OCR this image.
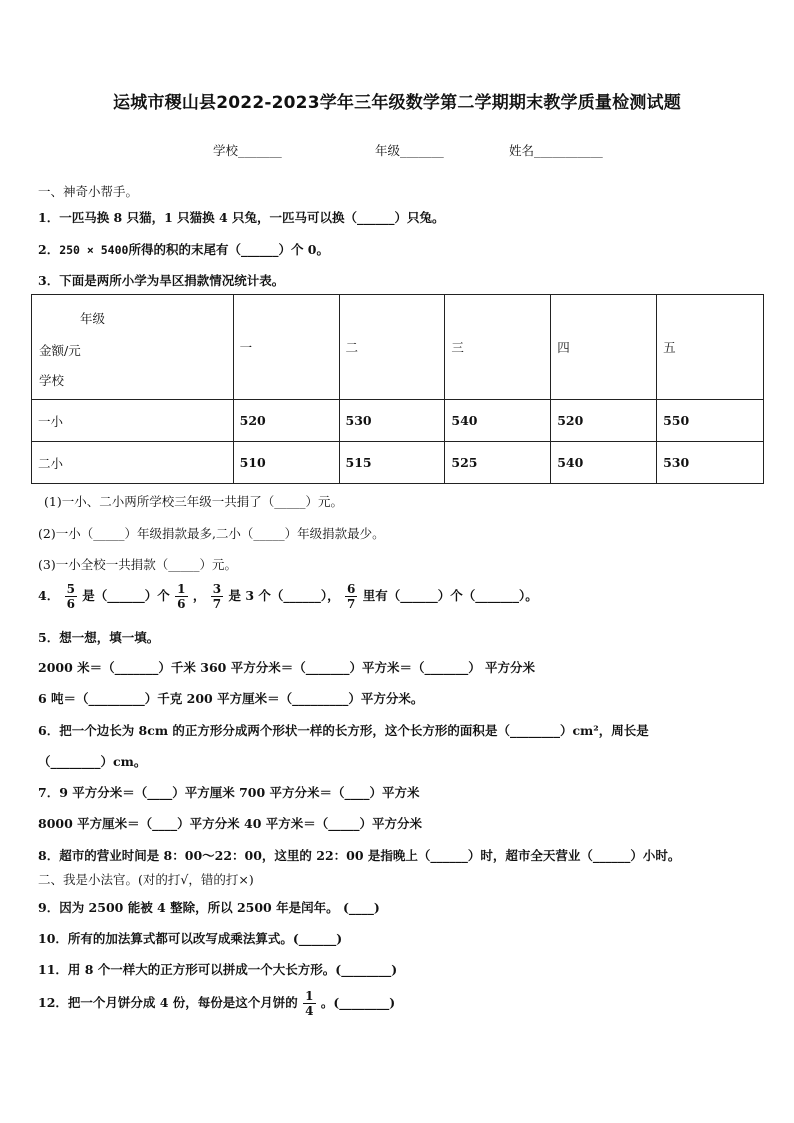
运城市稷山县2022-2023学年三年级数学第二学期期末教学质量检测试题
学校_______	年级_______	姓名___________
一、神奇小帮手。
1．一匹马换 8 只猫，1 只猫换 4 只兔，一匹马可以换（______）只兔。
2．250 × 5400所得的积的末尾有（______）个 0。
3．下面是两所小学为旱区捐款情况统计表。
年级
金额/元
学校	一	二	三	四	五
一小	520	530	540	520	550
二小	510	515	525	540	530
(1)一小、二小两所学校三年级一共捐了（_____）元。
(2)一小（_____）年级捐款最多,二小（_____）年级捐款最少。
(3)一小全校一共捐款（_____）元。
4． $\frac{5}{6}$ 是（______）个 $\frac{1}{6}$ ， $\frac{3}{7}$ 是 3 个（______）， $\frac{6}{7}$ 里有（______）个（_______）。
5．想一想，填一填。
2000 米＝（_______）千米 360 平方分米＝（_______）平方米＝（_______） 平方分米
6 吨＝（_________）千克 200 平方厘米＝（_________）平方分米。
6．把一个边长为 8cm 的正方形分成两个形状一样的长方形，这个长方形的面积是（________）cm²，周长是
（________）cm。
7．9 平方分米＝（____）平方厘米 700 平方分米＝（____）平方米
8000 平方厘米＝（____）平方分米 40 平方米＝（_____）平方分米
8．超市的营业时间是 8：00～22：00，这里的 22：00 是指晚上（______）时，超市全天营业（______）小时。
二、我是小法官。(对的打√，错的打×)
9．因为 2500 能被 4 整除，所以 2500 年是闰年。 (____)
10．所有的加法算式都可以改写成乘法算式。(______)
11．用 8 个一样大的正方形可以拼成一个大长方形。(________)
12．把一个月饼分成 4 份，每份是这个月饼的 $\frac{1}{4}$ 。(________)
